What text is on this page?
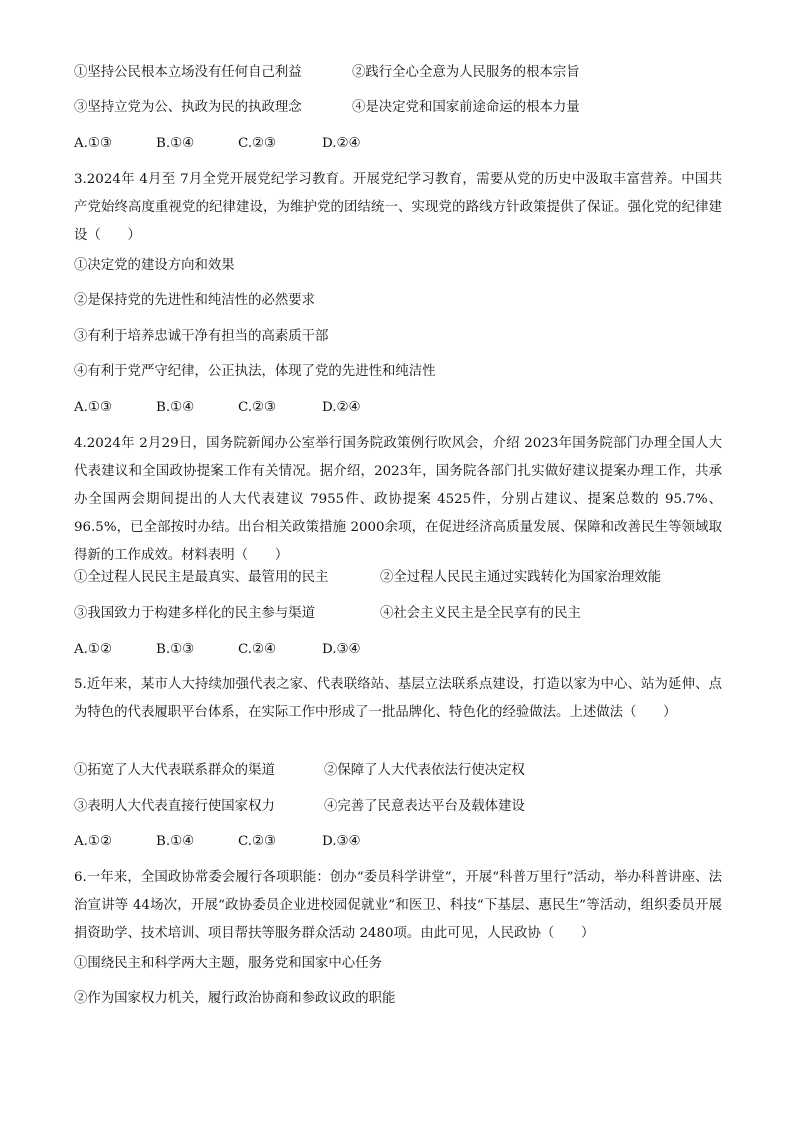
①坚持公民根本立场没有任何自己利益	②践行全心全意为人民服务的根本宗旨
③坚持立党为公、执政为民的执政理念	④是决定党和国家前途命运的根本力量
A.①③	B.①④	C.②③	D.②④
3.2024年 4月至 7月全党开展党纪学习教育。开展党纪学习教育，需要从党的历史中汲取丰富营养。中国共产党始终高度重视党的纪律建设，为维护党的团结统一、实现党的路线方针政策提供了保证。强化党的纪律建设（　　）
①决定党的建设方向和效果
②是保持党的先进性和纯洁性的必然要求
③有利于培养忠诚干净有担当的高素质干部
④有利于党严守纪律，公正执法，体现了党的先进性和纯洁性
A.①③	B.①④	C.②③	D.②④
4.2024年 2月29日，国务院新闻办公室举行国务院政策例行吹风会，介绍 2023年国务院部门办理全国人大代表建议和全国政协提案工作有关情况。据介绍，2023年，国务院各部门扎实做好建议提案办理工作，共承办全国两会期间提出的人大代表建议 7955件、政协提案 4525件，分别占建议、提案总数的 95.7%、96.5%，已全部按时办结。出台相关政策措施 2000余项，在促进经济高质量发展、保障和改善民生等领域取得新的工作成效。材料表明（　　）
①全过程人民民主是最真实、最管用的民主	②全过程人民民主通过实践转化为国家治理效能
③我国致力于构建多样化的民主参与渠道	④社会主义民主是全民享有的民主
A.①②	B.①③	C.②④	D.③④
5.近年来，某市人大持续加强代表之家、代表联络站、基层立法联系点建设，打造以家为中心、站为延伸、点为特色的代表履职平台体系，在实际工作中形成了一批品牌化、特色化的经验做法。上述做法（　　）
①拓宽了人大代表联系群众的渠道	②保障了人大代表依法行使决定权
③表明人大代表直接行使国家权力	④完善了民意表达平台及载体建设
A.①②	B.①④	C.②③	D.③④
6.一年来，全国政协常委会履行各项职能：创办“委员科学讲堂”，开展“科普万里行”活动，举办科普讲座、法治宣讲等 44场次，开展“政协委员企业进校园促就业”和医卫、科技“下基层、惠民生”等活动，组织委员开展捐资助学、技术培训、项目帮扶等服务群众活动 2480项。由此可见，人民政协（　　）
①围绕民主和科学两大主题，服务党和国家中心任务
②作为国家权力机关，履行政治协商和参政议政的职能
